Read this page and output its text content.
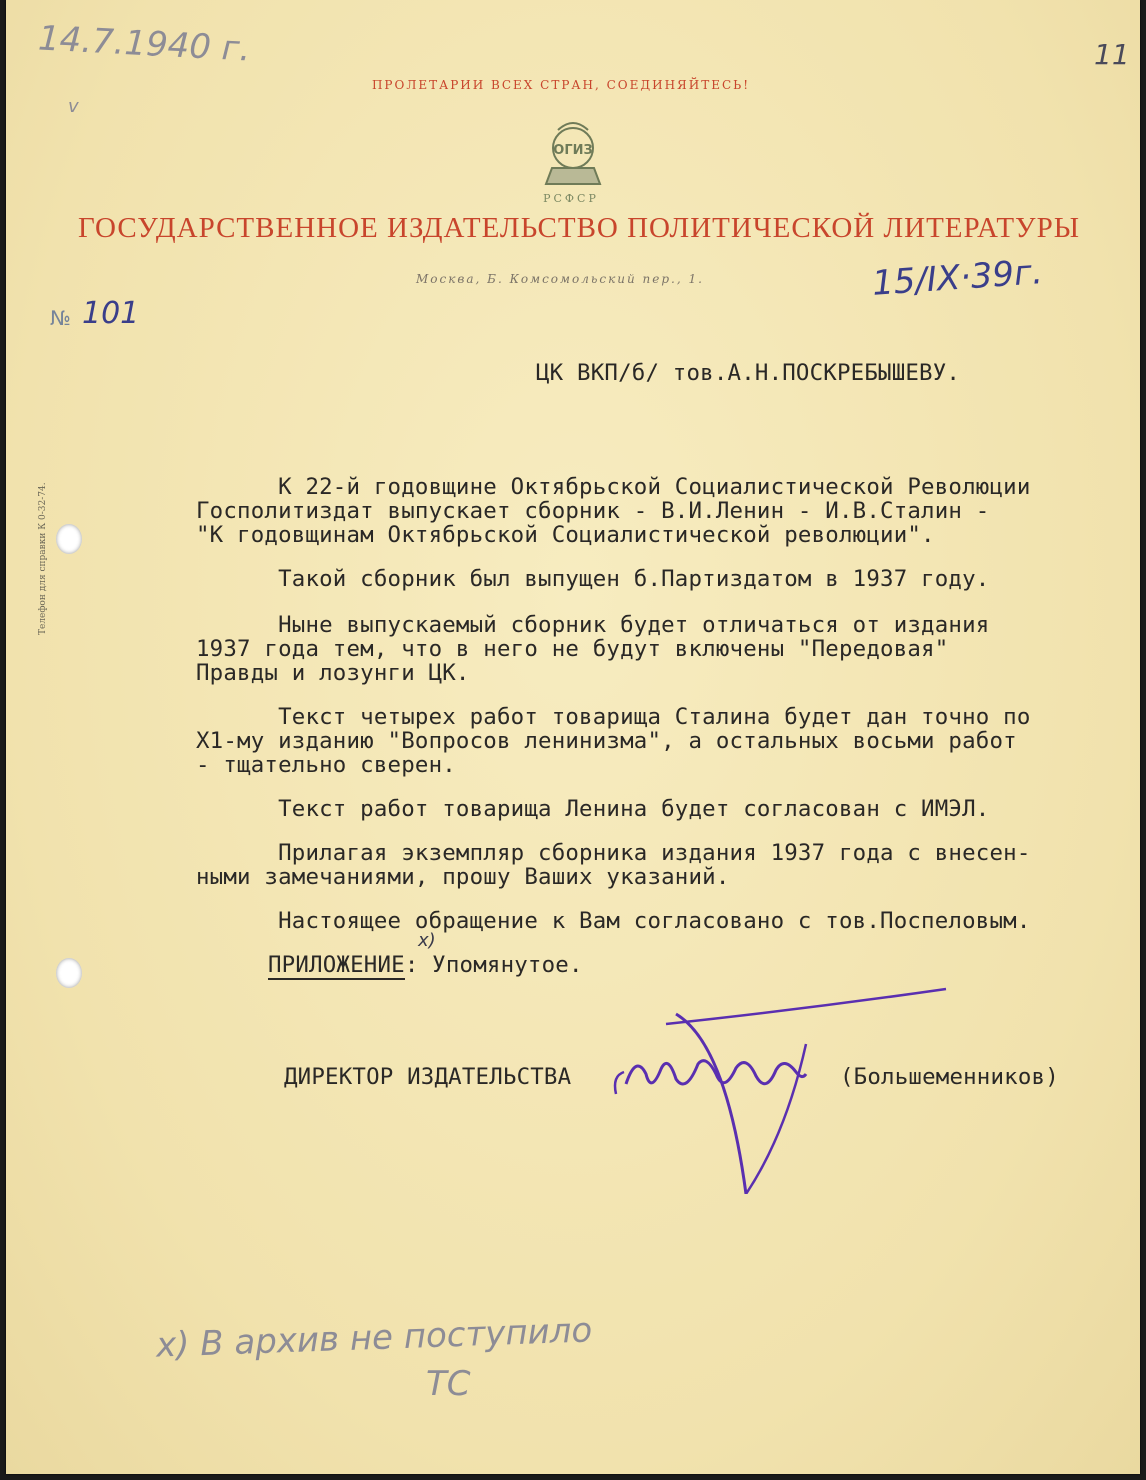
14.7.1940 г.
v
11
ПРОЛЕТАРИИ ВСЕХ СТРАН, СОЕДИНЯЙТЕСЬ!
ОГИЗ
РСФСР
ГОСУДАРСТВЕННОЕ ИЗДАТЕЛЬСТВО ПОЛИТИЧЕСКОЙ ЛИТЕРАТУРЫ
Москва, Б. Комсомольский пер., 1.
№ 101
15/IX·39г.
Телефон для справки К 0-32-74.
ЦК ВКП/б/ тов.А.Н.ПОСКРЕБЫШЕВУ.
К 22-й годовщине Октябрьской Социалистической Революции
Госполитиздат выпускает сборник - В.И.Ленин - И.В.Сталин -
"К годовщинам Октябрьской Социалистической революции".
Такой сборник был выпущен б.Партиздатом в 1937 году.
Ныне выпускаемый сборник будет отличаться от издания
1937 года тем, что в него не будут включены "Передовая"
Правды и лозунги ЦК.
Текст четырех работ товарища Сталина будет дан точно по
Х1-му изданию "Вопросов ленинизма", а остальных восьми работ
- тщательно сверен.
Текст работ товарища Ленина будет согласован с ИМЭЛ.
Прилагая экземпляр сборника издания 1937 года с внесен-
ными замечаниями, прошу Ваших указаний.
Настоящее обращение к Вам согласовано с тов.Поспеловым.
ПРИЛОЖЕНИЕ: Упомянутое.
х)
ДИРЕКТОР ИЗДАТЕЛЬСТВА	(Большеменников)
х) В архив не поступило
ТС
